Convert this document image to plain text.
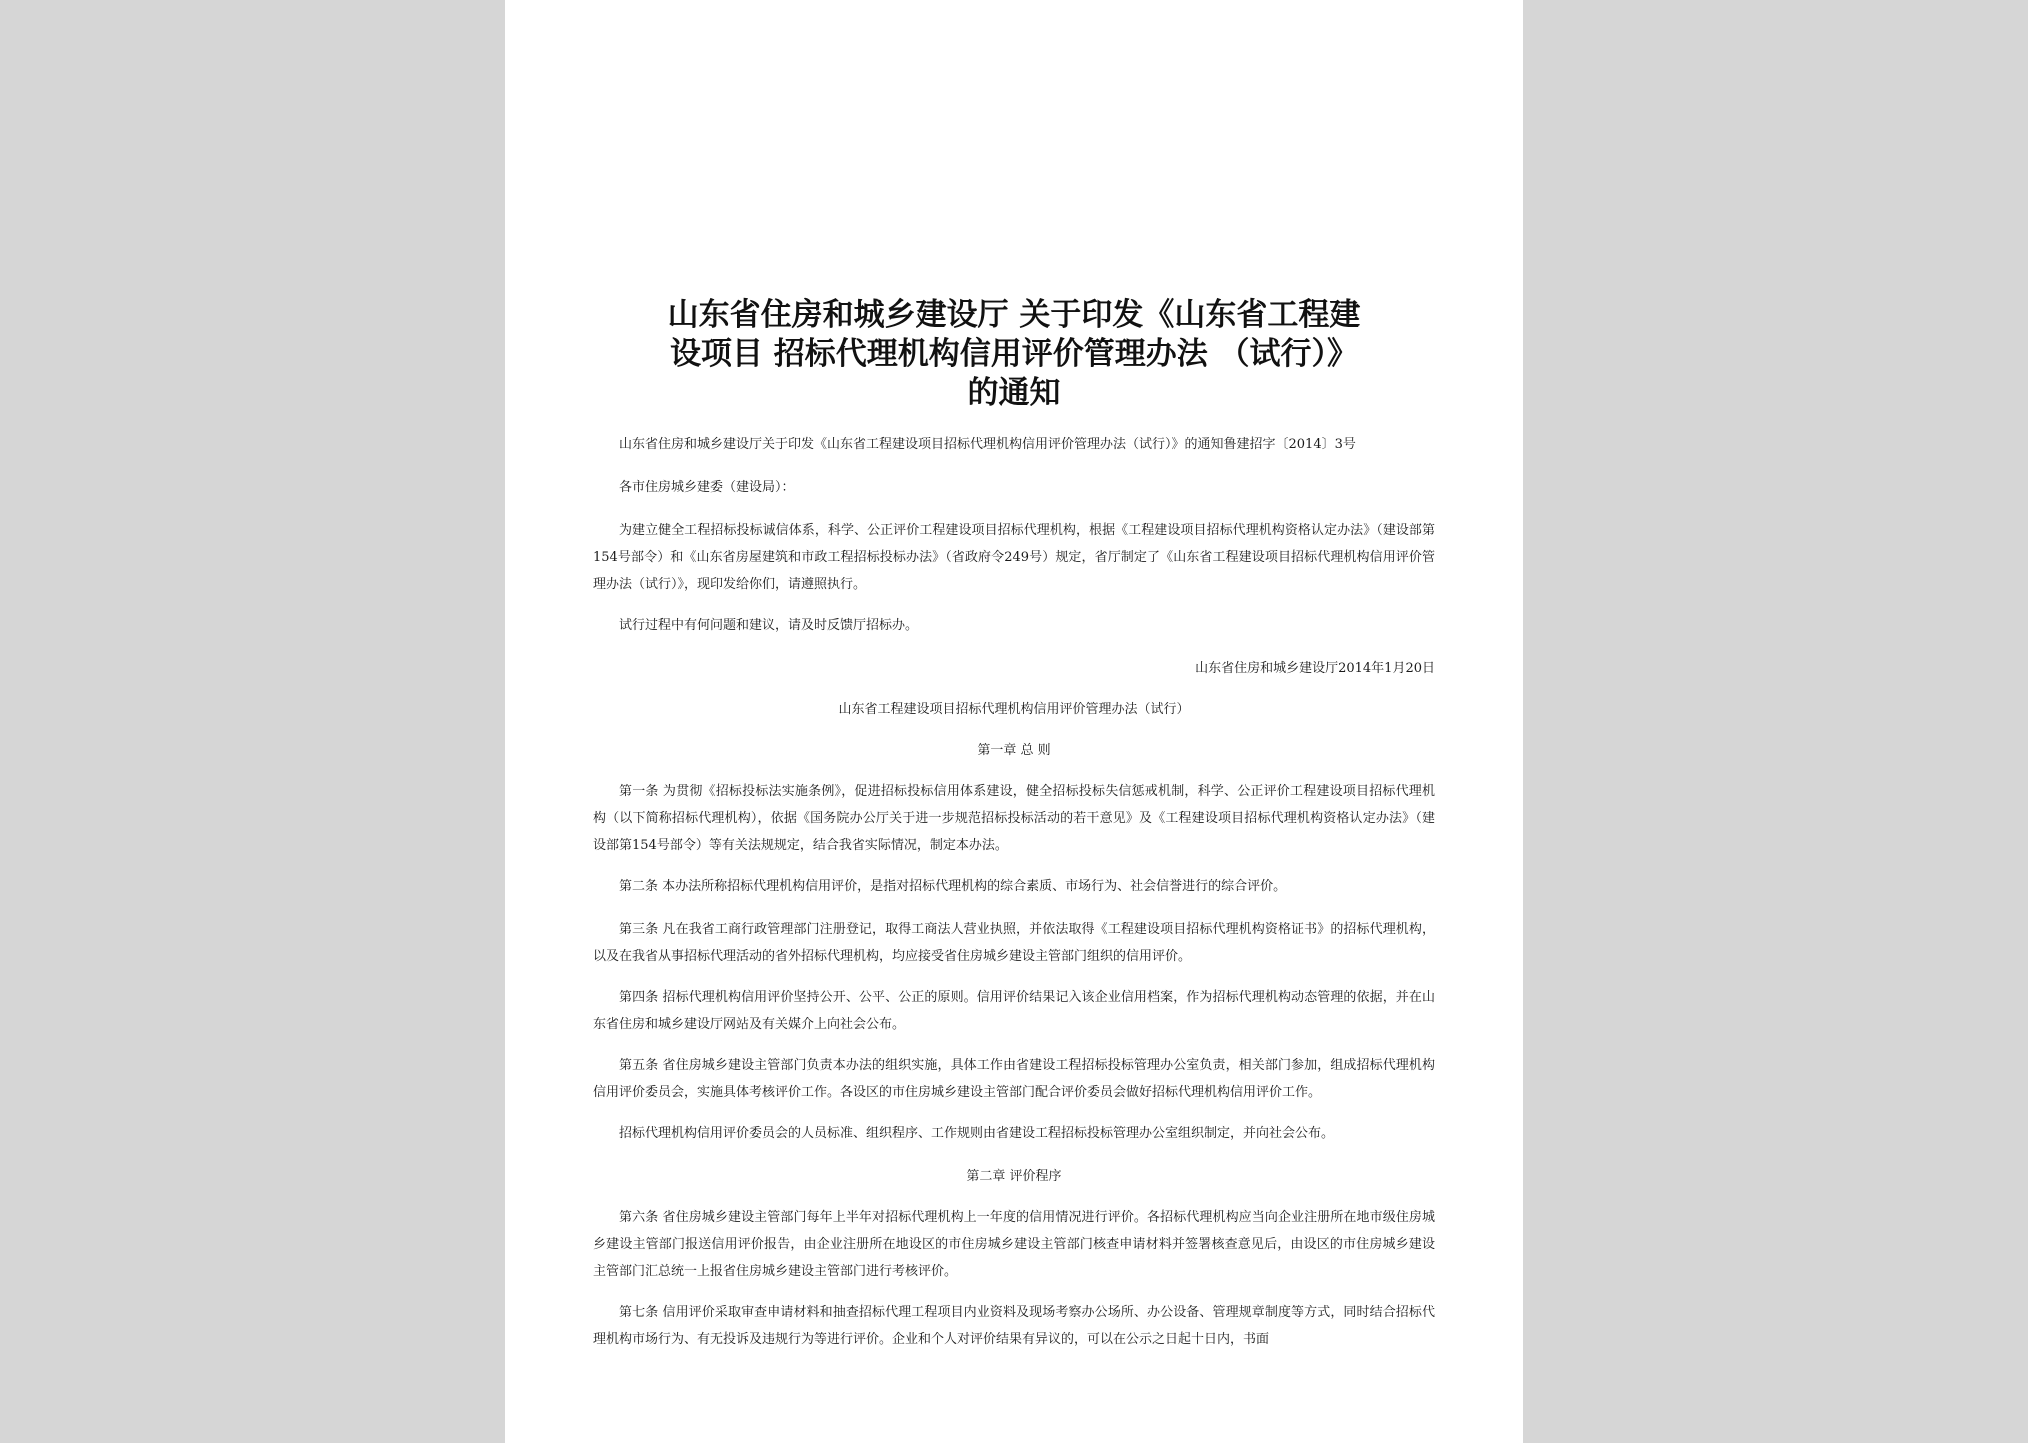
山东省住房和城乡建设厅 关于印发《山东省工程建
设项目 招标代理机构信用评价管理办法 （试行）》
的通知

山东省住房和城乡建设厅关于印发《山东省工程建设项目招标代理机构信用评价管理办法（试行）》的通知鲁建招字〔2014〕3号

各市住房城乡建委（建设局）：

为建立健全工程招标投标诚信体系，科学、公正评价工程建设项目招标代理机构，根据《工程建设项目招标代理机构资格认定办法》（建设部第154号部令）和《山东省房屋建筑和市政工程招标投标办法》（省政府令249号）规定，省厅制定了《山东省工程建设项目招标代理机构信用评价管理办法（试行）》，现印发给你们，请遵照执行。

试行过程中有何问题和建议，请及时反馈厅招标办。

山东省住房和城乡建设厅2014年1月20日

山东省工程建设项目招标代理机构信用评价管理办法（试行）

第一章 总 则

第一条 为贯彻《招标投标法实施条例》，促进招标投标信用体系建设，健全招标投标失信惩戒机制，科学、公正评价工程建设项目招标代理机构（以下简称招标代理机构），依据《国务院办公厅关于进一步规范招标投标活动的若干意见》及《工程建设项目招标代理机构资格认定办法》（建设部第154号部令）等有关法规规定，结合我省实际情况，制定本办法。

第二条 本办法所称招标代理机构信用评价，是指对招标代理机构的综合素质、市场行为、社会信誉进行的综合评价。

第三条 凡在我省工商行政管理部门注册登记，取得工商法人营业执照，并依法取得《工程建设项目招标代理机构资格证书》的招标代理机构，以及在我省从事招标代理活动的省外招标代理机构，均应接受省住房城乡建设主管部门组织的信用评价。

第四条 招标代理机构信用评价坚持公开、公平、公正的原则。信用评价结果记入该企业信用档案，作为招标代理机构动态管理的依据，并在山东省住房和城乡建设厅网站及有关媒介上向社会公布。

第五条 省住房城乡建设主管部门负责本办法的组织实施，具体工作由省建设工程招标投标管理办公室负责，相关部门参加，组成招标代理机构信用评价委员会，实施具体考核评价工作。各设区的市住房城乡建设主管部门配合评价委员会做好招标代理机构信用评价工作。

招标代理机构信用评价委员会的人员标准、组织程序、工作规则由省建设工程招标投标管理办公室组织制定，并向社会公布。

第二章 评价程序

第六条 省住房城乡建设主管部门每年上半年对招标代理机构上一年度的信用情况进行评价。各招标代理机构应当向企业注册所在地市级住房城乡建设主管部门报送信用评价报告，由企业注册所在地设区的市住房城乡建设主管部门核查申请材料并签署核查意见后，由设区的市住房城乡建设主管部门汇总统一上报省住房城乡建设主管部门进行考核评价。

第七条 信用评价采取审查申请材料和抽查招标代理工程项目内业资料及现场考察办公场所、办公设备、管理规章制度等方式，同时结合招标代理机构市场行为、有无投诉及违规行为等进行评价。企业和个人对评价结果有异议的，可以在公示之日起十日内，书面
